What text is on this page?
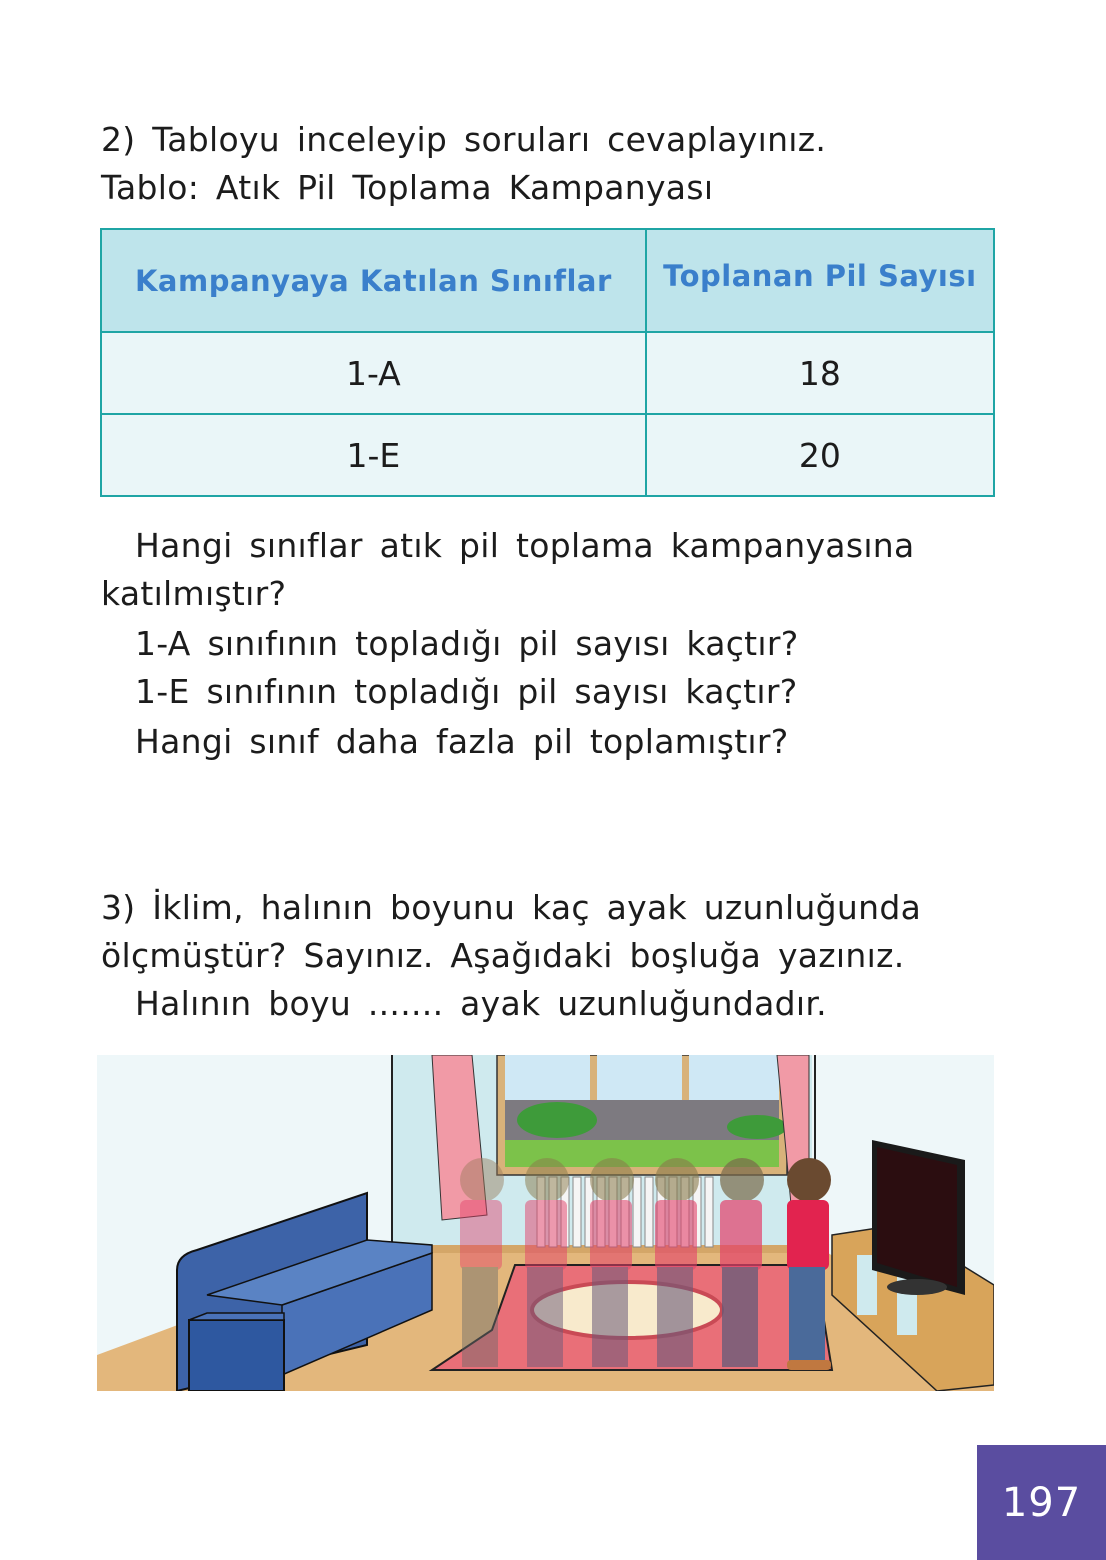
2) Tabloyu inceleyip soruları cevaplayınız.
Tablo: Atık Pil Toplama Kampanyası
Kampanyaya Katılan Sınıflar	Toplanan Pil Sayısı
1-A	18
1-E	20
Hangi sınıflar atık pil toplama kampanyasına
katılmıştır?
1-A sınıfının topladığı pil sayısı kaçtır?
1-E sınıfının topladığı pil sayısı kaçtır?
Hangi sınıf daha fazla pil toplamıştır?
3) İklim, halının boyunu kaç ayak uzunluğunda
ölçmüştür? Sayınız. Aşağıdaki boşluğa yazınız.
Halının boyu ....... ayak uzunluğundadır.
197
